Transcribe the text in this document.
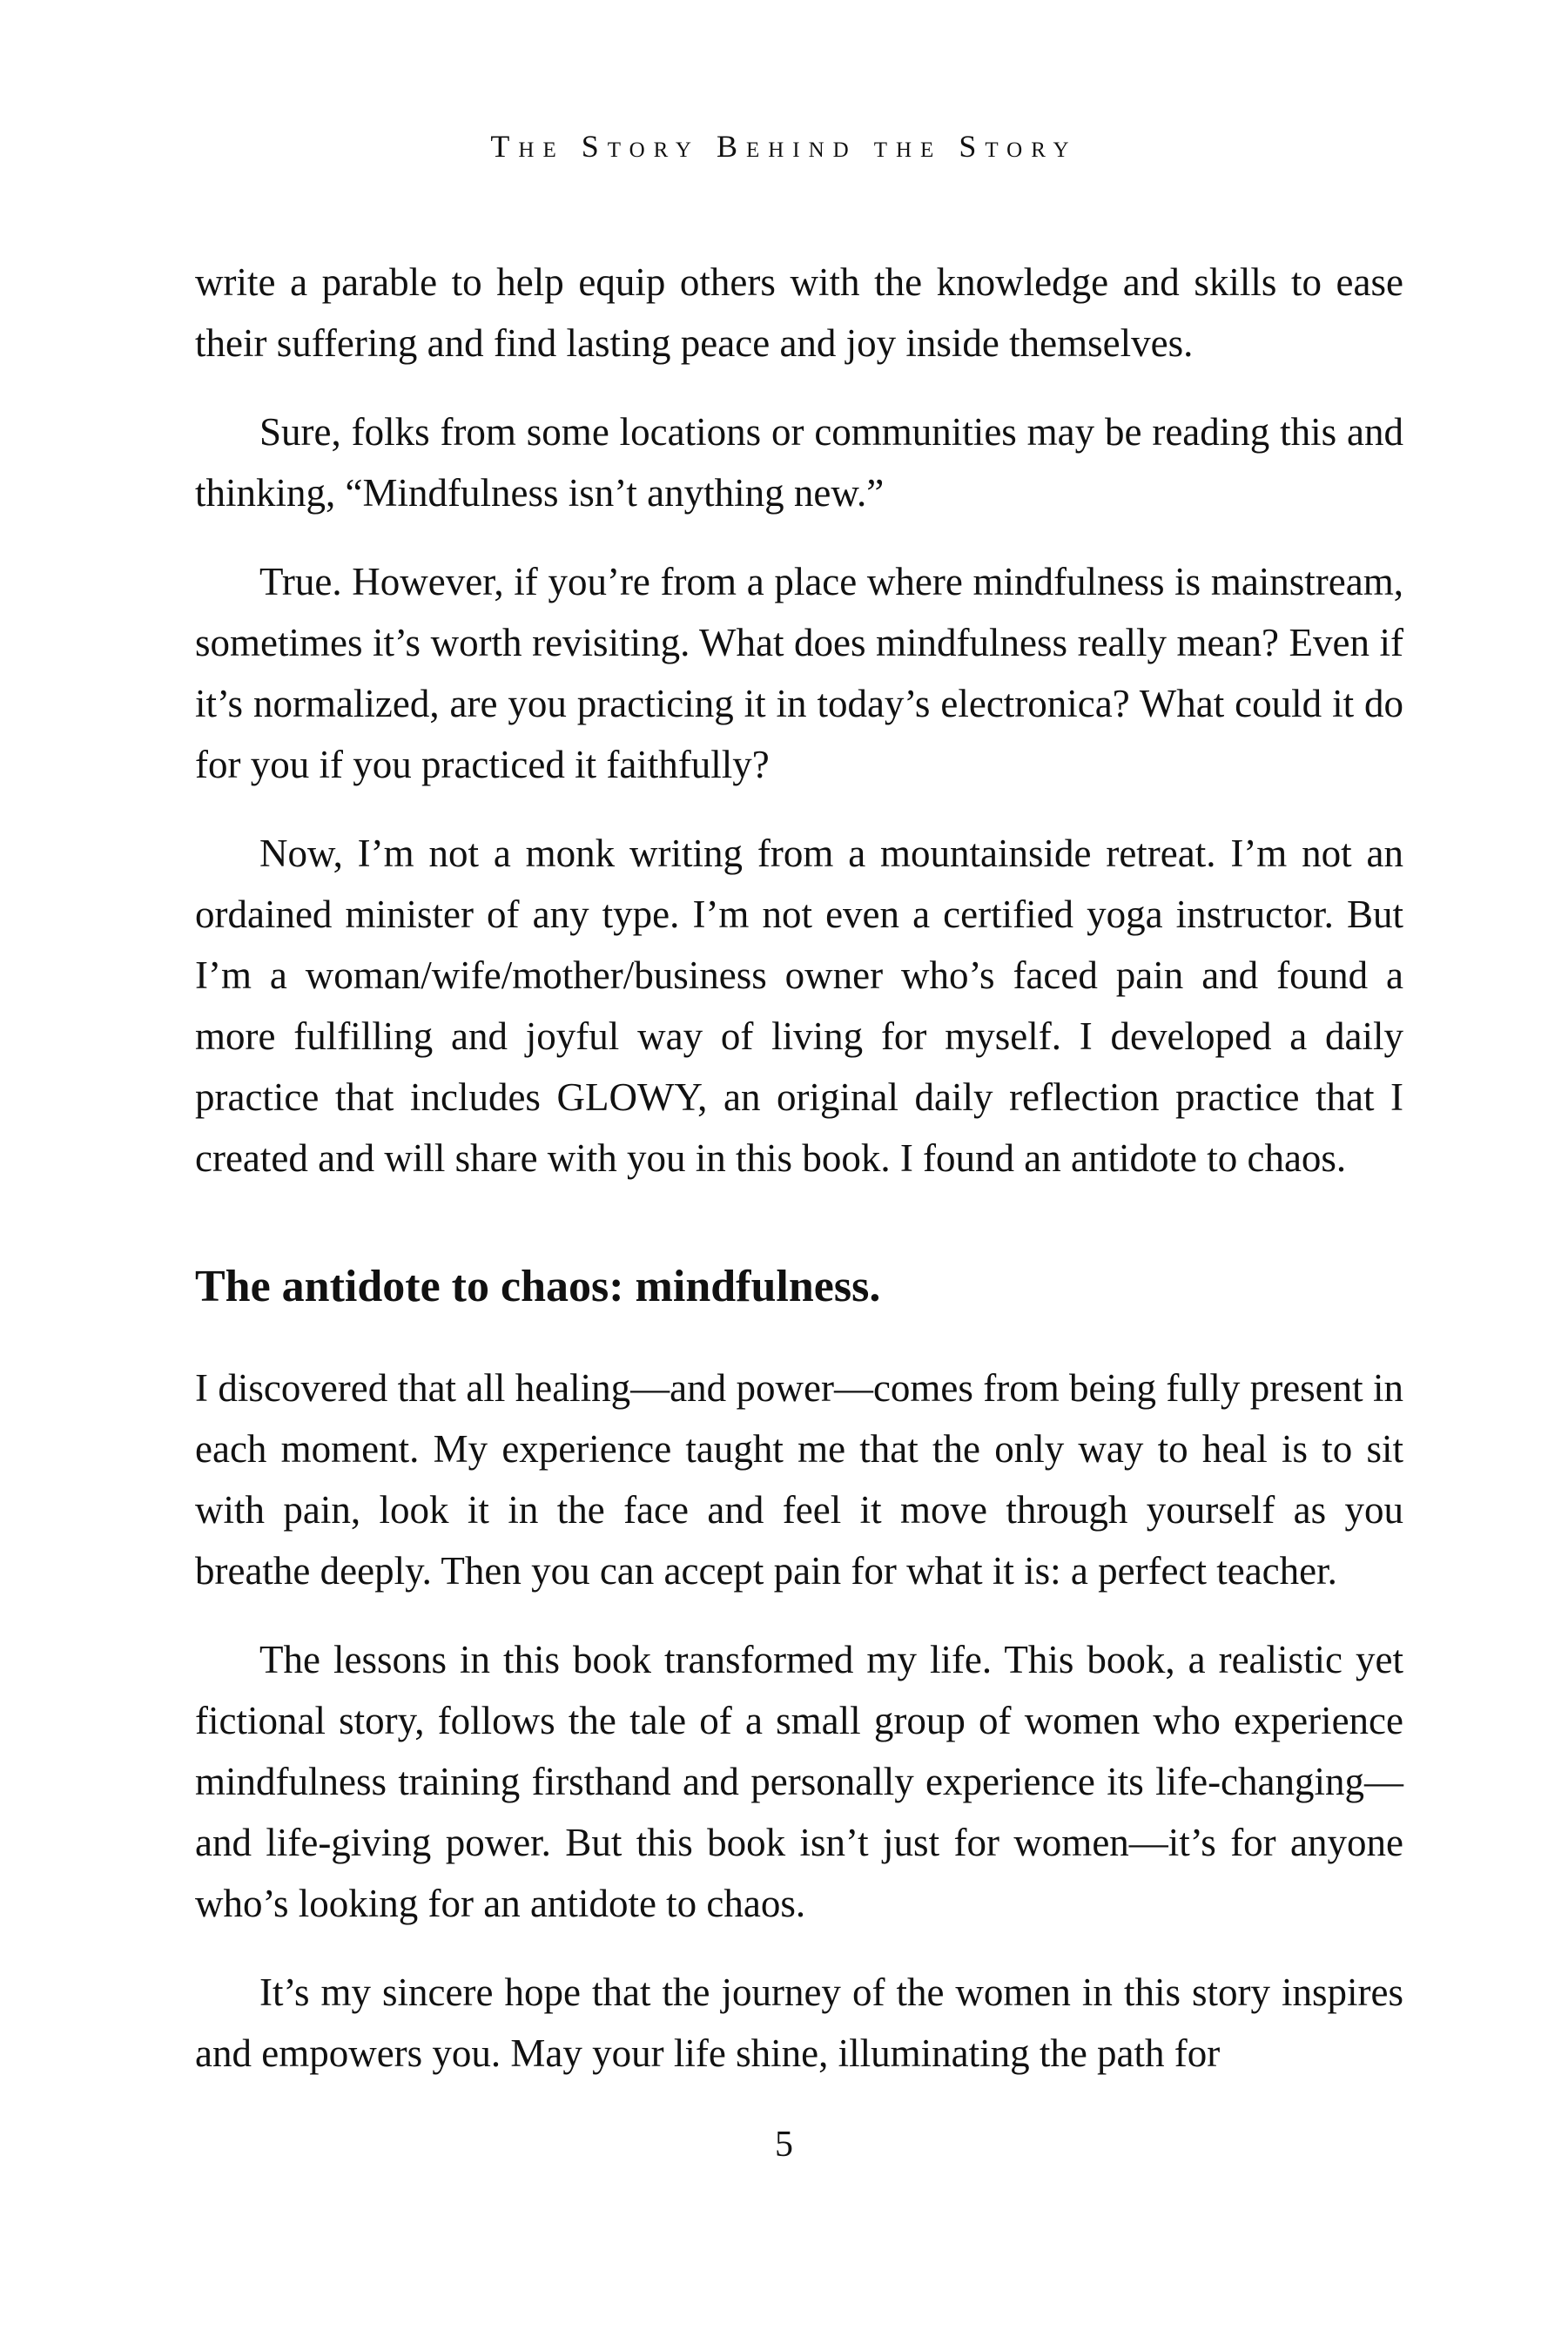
The Story Behind the Story

write a parable to help equip others with the knowledge and skills to ease their suffering and find lasting peace and joy inside themselves.

Sure, folks from some locations or communities may be reading this and thinking, “Mindfulness isn’t anything new.”

True. However, if you’re from a place where mindfulness is mainstream, sometimes it’s worth revisiting. What does mindfulness really mean? Even if it’s normalized, are you practicing it in today’s electronica? What could it do for you if you practiced it faithfully?

Now, I’m not a monk writing from a mountainside retreat. I’m not an ordained minister of any type. I’m not even a certified yoga instructor. But I’m a woman/wife/mother/business owner who’s faced pain and found a more fulfilling and joyful way of living for myself. I developed a daily practice that includes GLOWY, an original daily reflection practice that I created and will share with you in this book. I found an antidote to chaos.

The antidote to chaos: mindfulness.

I discovered that all healing—and power—comes from being fully present in each moment. My experience taught me that the only way to heal is to sit with pain, look it in the face and feel it move through yourself as you breathe deeply. Then you can accept pain for what it is: a perfect teacher.

The lessons in this book transformed my life. This book, a realistic yet fictional story, follows the tale of a small group of women who experience mindfulness training firsthand and personally experience its life-changing—and life-giving power. But this book isn’t just for women—it’s for anyone who’s looking for an antidote to chaos.

It’s my sincere hope that the journey of the women in this story inspires and empowers you. May your life shine, illuminating the path for

5
